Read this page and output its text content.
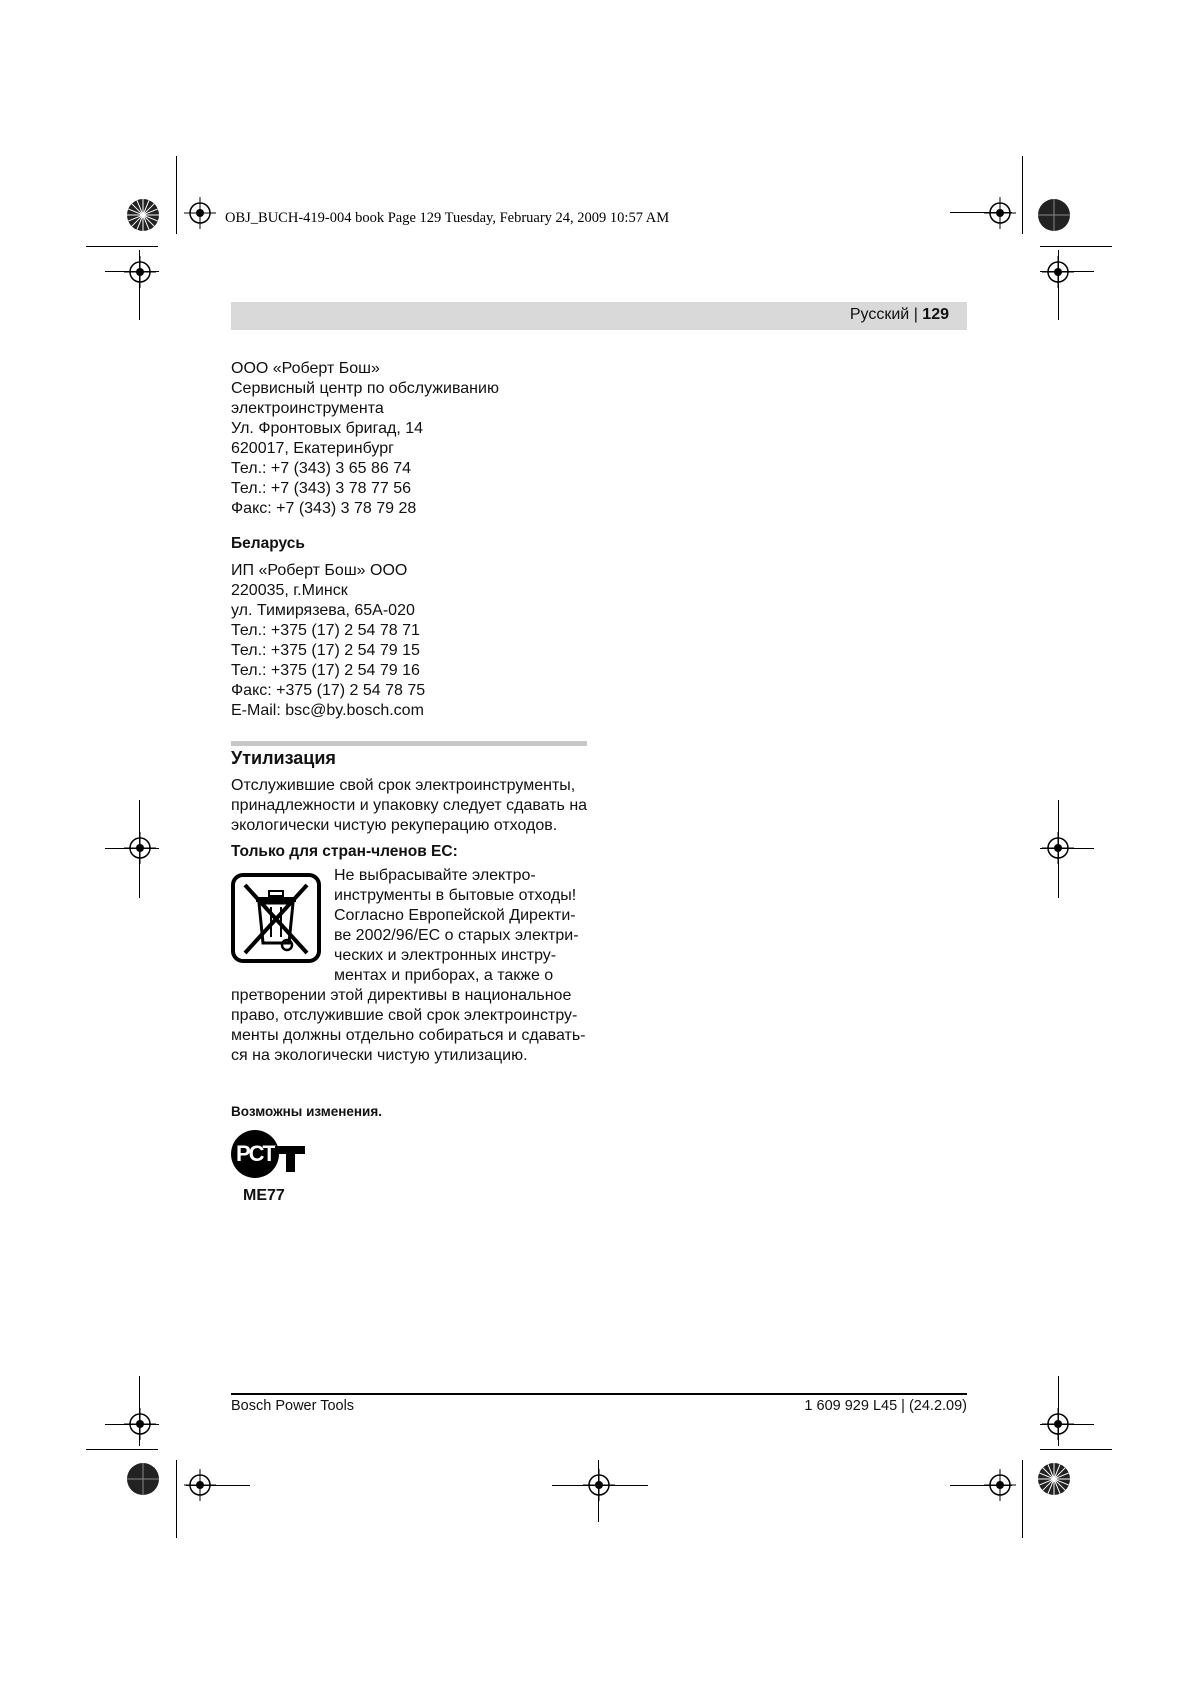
OBJ_BUCH-419-004 book Page 129 Tuesday, February 24, 2009 10:57 AM
Русский | 129
ООО «Роберт Бош»
Сервисный центр по обслуживанию
электроинструмента
Ул. Фронтовых бригад, 14
620017, Екатеринбург
Тел.: +7 (343) 3 65 86 74
Тел.: +7 (343) 3 78 77 56
Факс: +7 (343) 3 78 79 28
Беларусь
ИП «Роберт Бош» ООО
220035, г.Минск
ул. Тимирязева, 65А-020
Тел.: +375 (17) 2 54 78 71
Тел.: +375 (17) 2 54 79 15
Тел.: +375 (17) 2 54 79 16
Факс: +375 (17) 2 54 78 75
E-Mail: bsc@by.bosch.com
Утилизация
Отслужившие свой срок электроинструменты,
принадлежности и упаковку следует сдавать на
экологически чистую рекуперацию отходов.
Только для стран-членов ЕС:
Не выбрасывайте электро-
инструменты в бытовые отходы!
Согласно Европейской Директи-
ве 2002/96/ЕС о старых электри-
ческих и электронных инстру-
ментах и приборах, а также о
претворении этой директивы в национальное
право, отслужившие свой срок электроинстру-
менты должны отдельно собираться и сдавать-
ся на экологически чистую утилизацию.
Возможны изменения.
PCT
МЕ77
Bosch Power Tools	1 609 929 L45 | (24.2.09)
